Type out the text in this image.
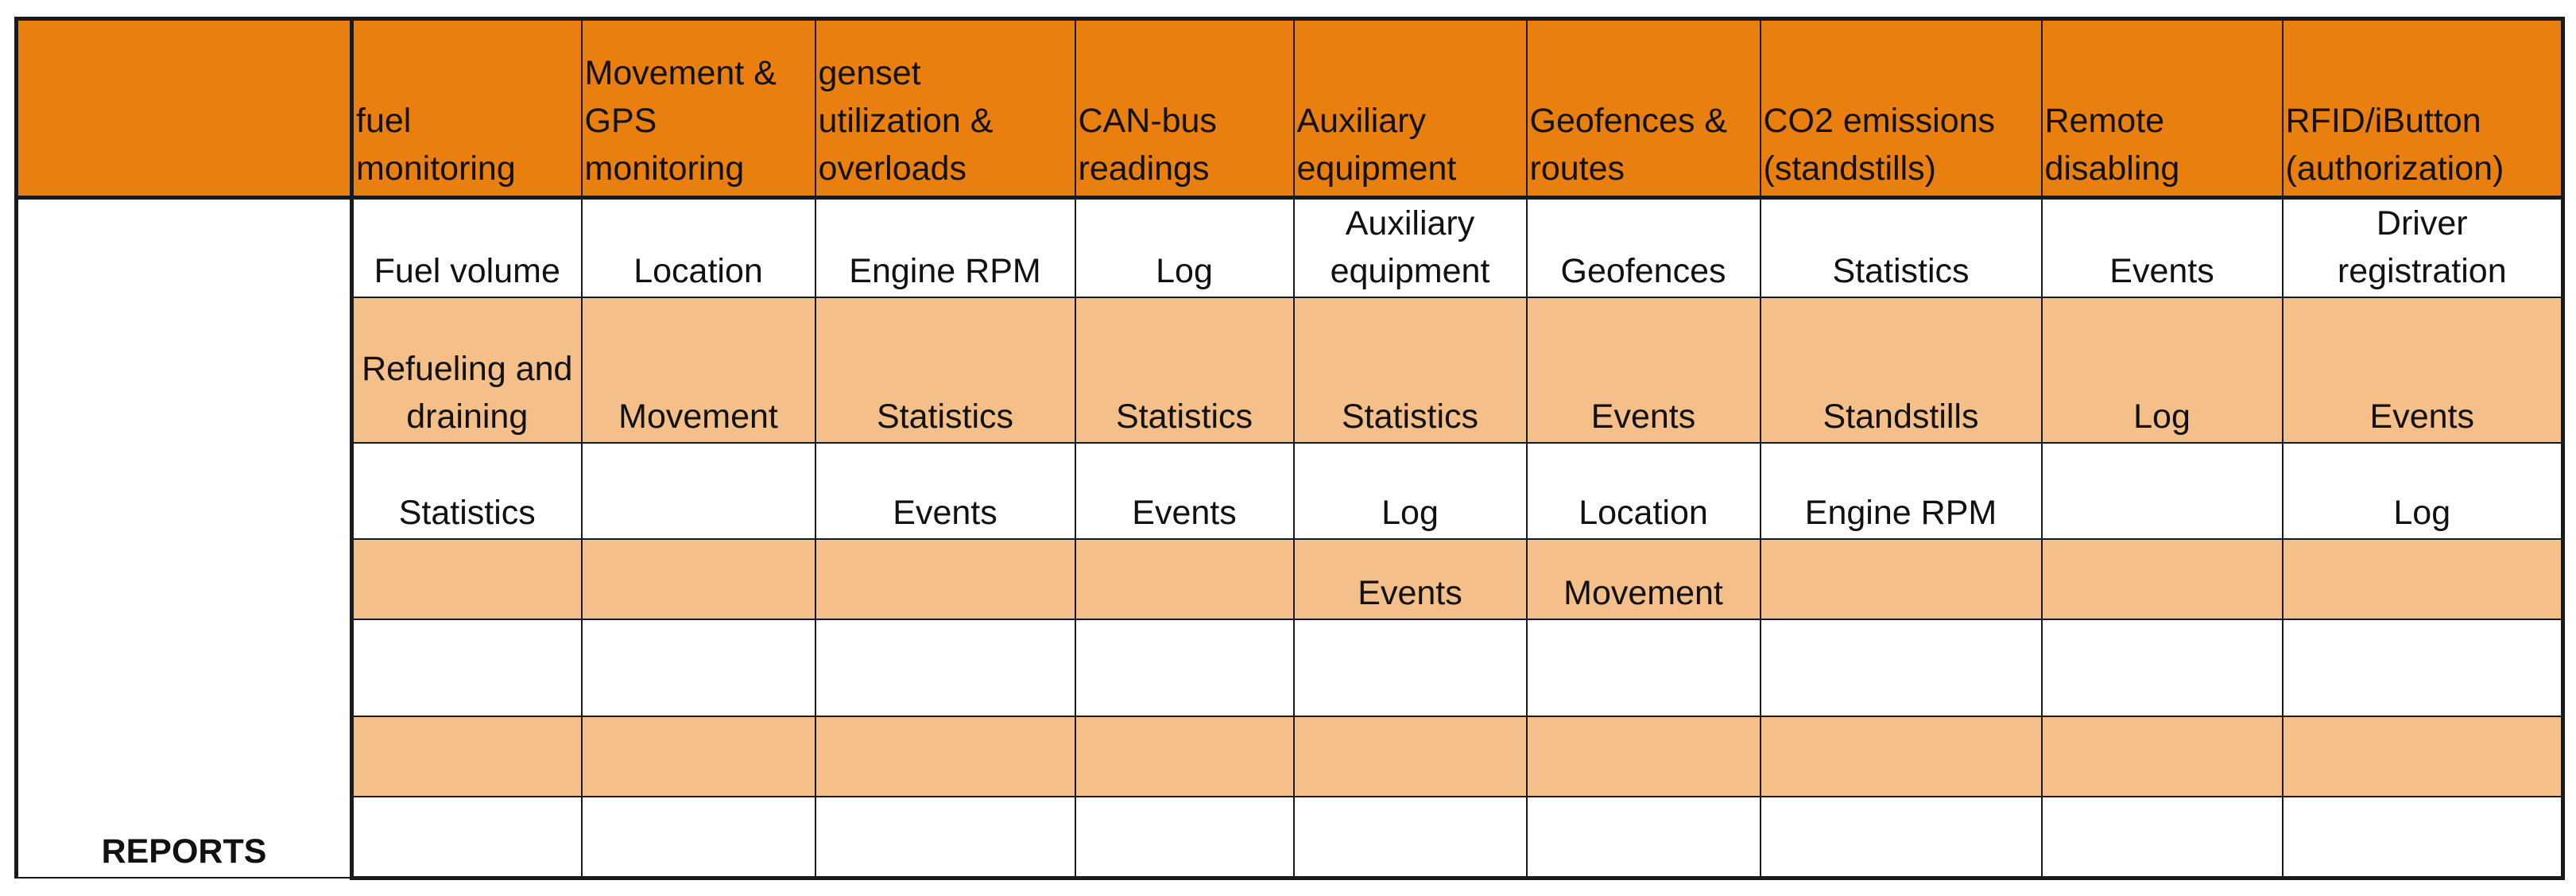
	fuel
monitoring	Movement &
GPS
monitoring	genset
utilization &
overloads	CAN-bus
readings	Auxiliary
equipment	Geofences &
routes	CO2 emissions
(standstills)	Remote
disabling	RFID/iButton
(authorization)

REPORTS	Fuel volume	Location	Engine RPM	Log	Auxiliary
equipment	Geofences	Statistics	Events	Driver
registration

	Refueling and
draining	Movement	Statistics	Statistics	Statistics	Events	Standstills	Log	Events

	Statistics		Events	Events	Log	Location	Engine RPM		Log

					Events	Movement			
